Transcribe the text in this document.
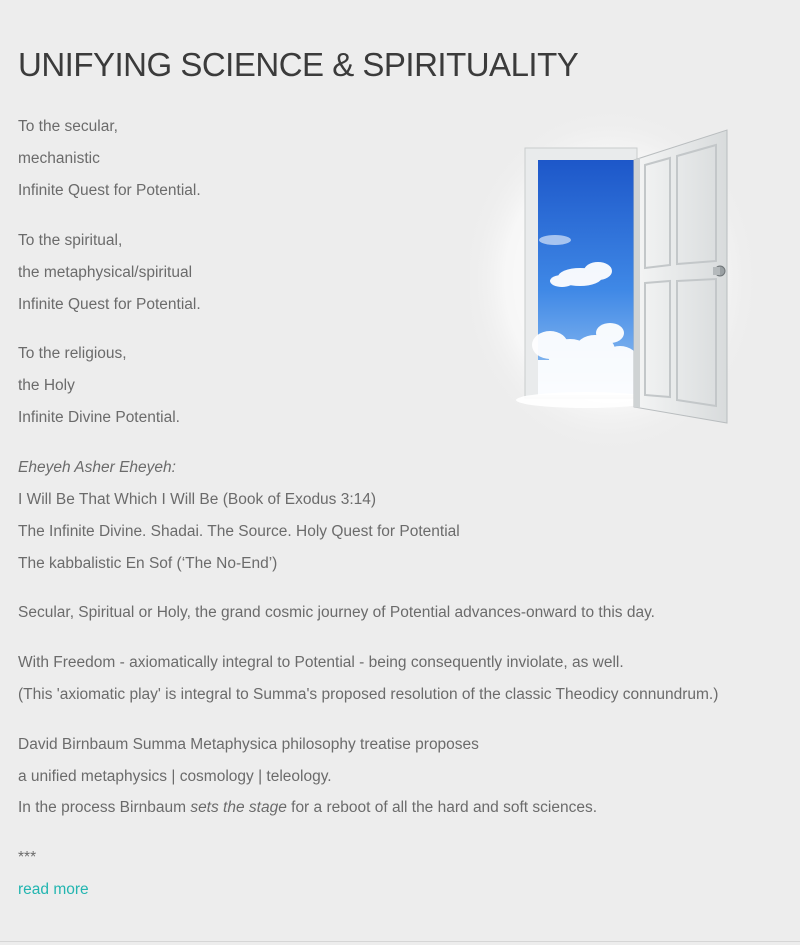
UNIFYING SCIENCE & SPIRITUALITY

To the secular,

mechanistic

Infinite Quest for Potential.

To the spiritual,

the metaphysical/spiritual

Infinite Quest for Potential.

To the religious,

the Holy

Infinite Divine Potential.

Eheyeh Asher Eheyeh:

I Will Be That Which I Will Be (Book of Exodus 3:14)

The Infinite Divine. Shadai. The Source. Holy Quest for Potential

The kabbalistic En Sof (‘The No-End’)

Secular, Spiritual or Holy, the grand cosmic journey of Potential advances-onward to this day.

With Freedom - axiomatically integral to Potential - being consequently inviolate, as well.

(This 'axiomatic play' is integral to Summa's proposed resolution of the classic Theodicy connundrum.)

David Birnbaum Summa Metaphysica philosophy treatise proposes

a unified metaphysics | cosmology | teleology.

In the process Birnbaum sets the stage for a reboot of all the hard and soft sciences.

***

read more
